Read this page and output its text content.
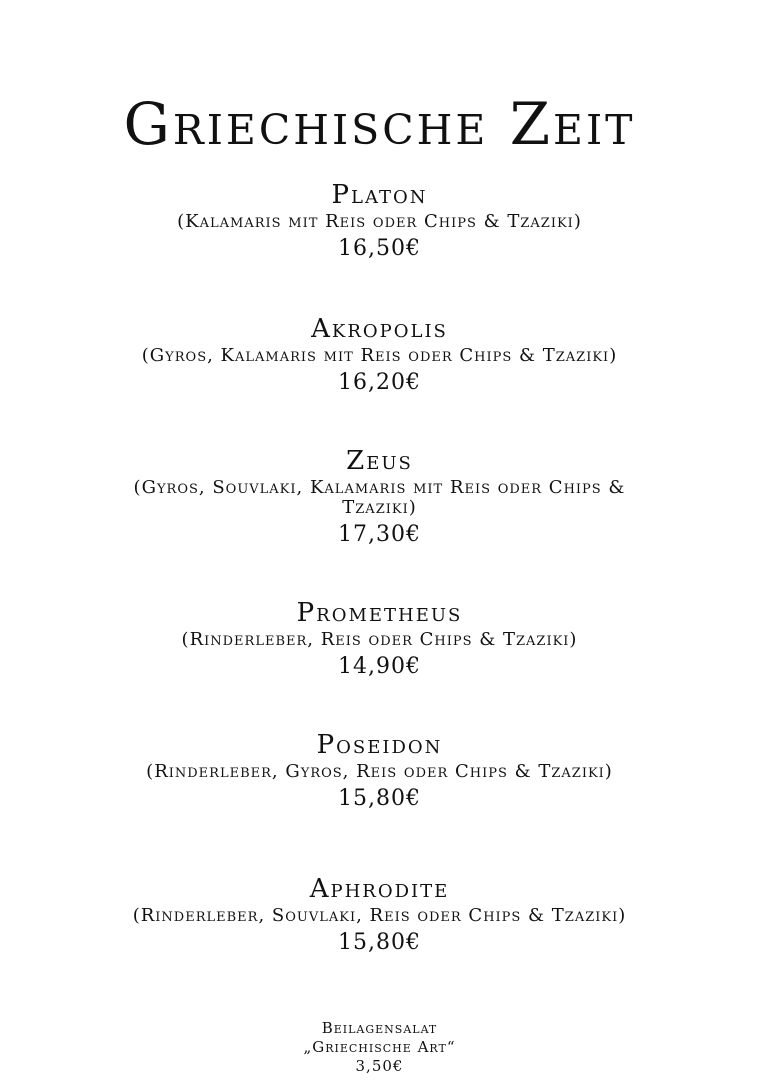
Griechische Zeit
Platon
(Kalamaris mit Reis oder Chips & Tzaziki)
16,50€
Akropolis
(Gyros, Kalamaris mit Reis oder Chips & Tzaziki)
16,20€
Zeus
(Gyros, Souvlaki, Kalamaris mit Reis oder Chips & Tzaziki)
17,30€
Prometheus
(Rinderleber, Reis oder Chips & Tzaziki)
14,90€
Poseidon
(Rinderleber, Gyros, Reis oder Chips & Tzaziki)
15,80€
Aphrodite
(Rinderleber, Souvlaki, Reis oder Chips & Tzaziki)
15,80€
Beilagensalat
„Griechische Art“
3,50€
